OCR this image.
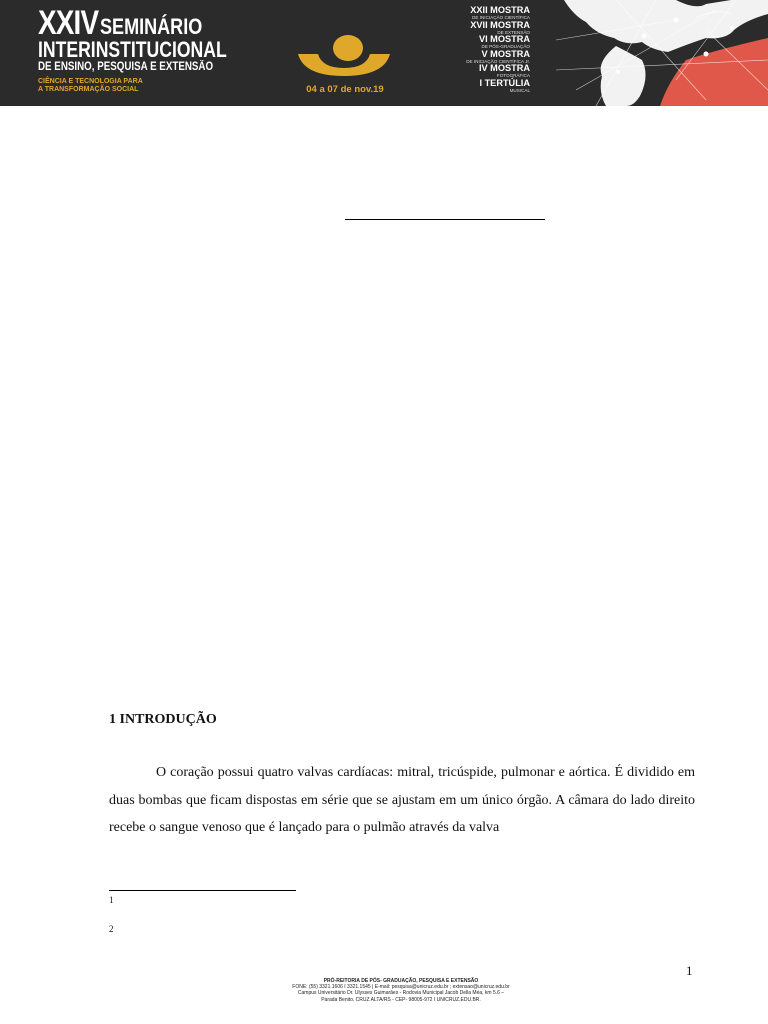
XXIV SEMINÁRIO
INTERINSTITUCIONAL
DE ENSINO, PESQUISA E EXTENSÃO
CIÊNCIA E TECNOLOGIA PARA
A TRANSFORMAÇÃO SOCIAL	04 a 07 de nov.19
XXII MOSTRA
DE INICIAÇÃO CIENTÍFICA
XVII MOSTRA
DE EXTENSÃO
VI MOSTRA
DE PÓS-GRADUAÇÃO
V MOSTRA
DE INICIAÇÃO CIENTÍFICA Jr.
IV MOSTRA
FOTOGRÁFICA
I TERTÚLIA
MUSICAL
1 INTRODUÇÃO

O coração possui quatro valvas cardíacas: mitral, tricúspide, pulmonar e aórtica. É dividido em duas bombas que ficam dispostas em série que se ajustam em um único órgão. A câmara do lado direito recebe o sangue venoso que é lançado para o pulmão através da valva

1
2
1
PRÓ-REITORIA DE PÓS- GRADUAÇÃO, PESQUISA E EXTENSÃO
FONE: (55) 3321.1606 I 3321.1545 | E-mail: pesquisa@unicruz.edu.br ; extensao@unicruz.edu.br
Campus Universitário Dr. Ulysses Guimarães - Rodovia Municipal Jacob Della Méa, km 5.6 –
Parada Benito. CRUZ ALTA/RS - CEP- 98005-972 I UNICRUZ.EDU.BR.
